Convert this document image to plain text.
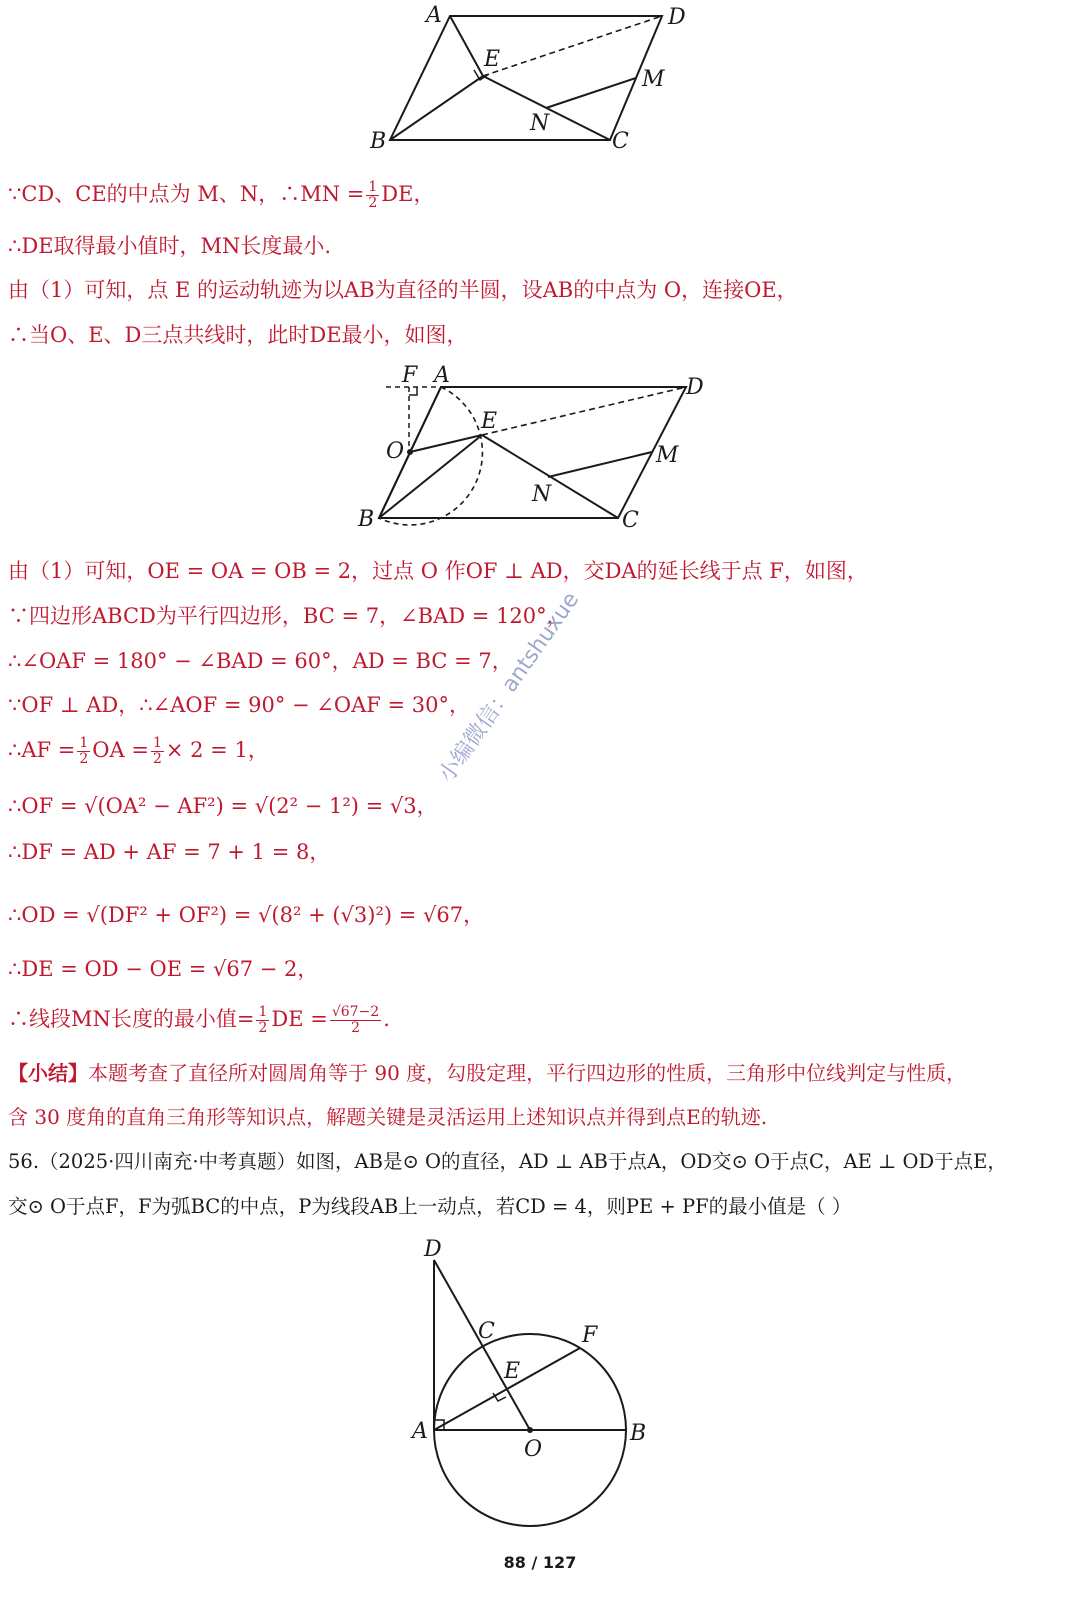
A	D
E
M
B
N
C
∵CD、CE的中点为 M、N，∴MN = $\frac{1}{2}$ DE，
∴DE取得最小值时，MN长度最小.
由（1）可知，点 E 的运动轨迹为以AB为直径的半圆，设AB的中点为 O，连接OE，
∴当O、E、D三点共线时，此时DE最小，如图，
F A	D
E
O	M
B
N
C
由（1）可知，OE = OA = OB = 2，过点 O 作OF ⊥ AD，交DA的延长线于点 F，如图，
∵四边形ABCD为平行四边形，BC = 7，∠BAD = 120°，
∴∠OAF = 180° − ∠BAD = 60°，AD = BC = 7，
∵OF ⊥ AD，∴∠AOF = 90° − ∠OAF = 30°，
∴AF = $\frac{1}{2}$ OA = $\frac{1}{2} \times 2 = 1$，
∴OF = √(OA² − AF²) = √(2² − 1²) = √3，
∴DF = AD + AF = 7 + 1 = 8，
∴OD = √(DF² + OF²) = √(8² + (√3)²) = √67，
∴DE = OD − OE = √67 − 2，
∴线段MN长度的最小值= $\frac{1}{2}$ DE = $\frac{√67-2}{2}$ .
【小结】本题考查了直径所对圆周角等于 90 度，勾股定理，平行四边形的性质，三角形中位线判定与性质，
含 30 度角的直角三角形等知识点，解题关键是灵活运用上述知识点并得到点E的轨迹.
56.（2025·四川南充·中考真题）如图，AB是⊙ O的直径，AD ⊥ AB于点A，OD交⊙ O于点C，AE ⊥ OD于点E，
交⊙ O于点F，F为弧BC的中点，P为线段AB上一动点，若CD = 4，则PE + PF的最小值是（ ）
D
C	F
E
A
O
B
小编微信：antshuxue
88 / 127
